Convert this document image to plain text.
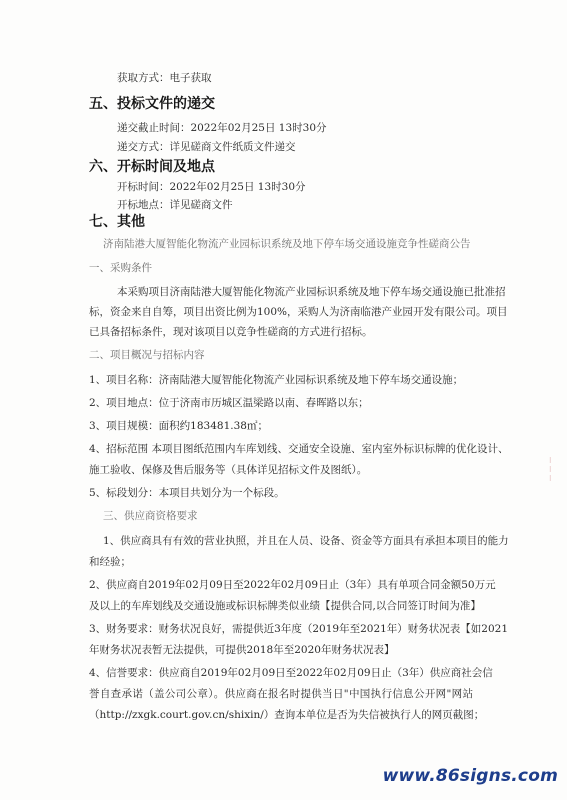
获取方式：电子获取
五、投标文件的递交
递交截止时间：2022年02月25日 13时30分
递交方式：详见磋商文件纸质文件递交
六、开标时间及地点
开标时间：2022年02月25日 13时30分
开标地点：详见磋商文件
七、其他
济南陆港大厦智能化物流产业园标识系统及地下停车场交通设施竞争性磋商公告
一、采购条件
本采购项目济南陆港大厦智能化物流产业园标识系统及地下停车场交通设施已批准招
标，资金来自自筹，项目出资比例为100%，采购人为济南临港产业园开发有限公司。项目
已具备招标条件，现对该项目以竞争性磋商的方式进行招标。
二、项目概况与招标内容
1、项目名称：济南陆港大厦智能化物流产业园标识系统及地下停车场交通设施；
2、项目地点：位于济南市历城区温梁路以南、春晖路以东；
3、项目规模：面积约183481.38㎡；
4、招标范围 本项目图纸范围内车库划线、交通安全设施、室内室外标识标牌的优化设计、
施工验收、保修及售后服务等（具体详见招标文件及图纸）。
5、标段划分：本项目共划分为一个标段。
三、供应商资格要求
1、供应商具有有效的营业执照，并且在人员、设备、资金等方面具有承担本项目的能力
和经验；
2、供应商自2019年02月09日至2022年02月09日止（3年）具有单项合同金额50万元
及以上的车库划线及交通设施或标识标牌类似业绩【提供合同,以合同签订时间为准】
3、财务要求：财务状况良好，需提供近3年度（2019年至2021年）财务状况表【如2021
年财务状况表暂无法提供，可提供2018年至2020年财务状况表】
4、信誉要求：供应商自2019年02月09日至2022年02月09日止（3年）供应商社会信
誉自查承诺（盖公司公章）。供应商在报名时提供当日"中国执行信息公开网"网站
（http://zxgk.court.gov.cn/shixin/）查询本单位是否为失信被执行人的网页截图；
⁝
⁝
⁝
www.86signs.com
